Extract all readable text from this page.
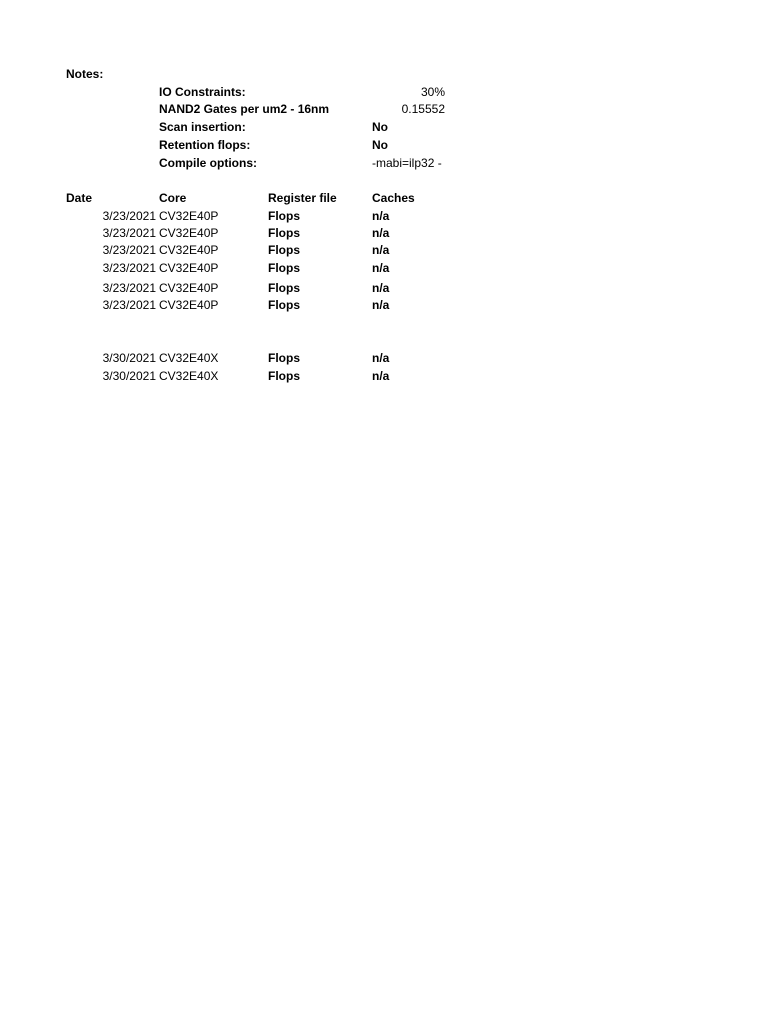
Notes:
IO Constraints:	30%
NAND2 Gates per um2 - 16nm	0.15552
Scan insertion:	No
Retention flops:	No
Compile options:	-mabi=ilp32 -
Date	Core	Register file	Caches
3/23/2021 CV32E40P	Flops	n/a
3/23/2021 CV32E40P	Flops	n/a
3/23/2021 CV32E40P	Flops	n/a
3/23/2021 CV32E40P	Flops	n/a
3/23/2021 CV32E40P	Flops	n/a
3/23/2021 CV32E40P	Flops	n/a
3/30/2021 CV32E40X	Flops	n/a
3/30/2021 CV32E40X	Flops	n/a
